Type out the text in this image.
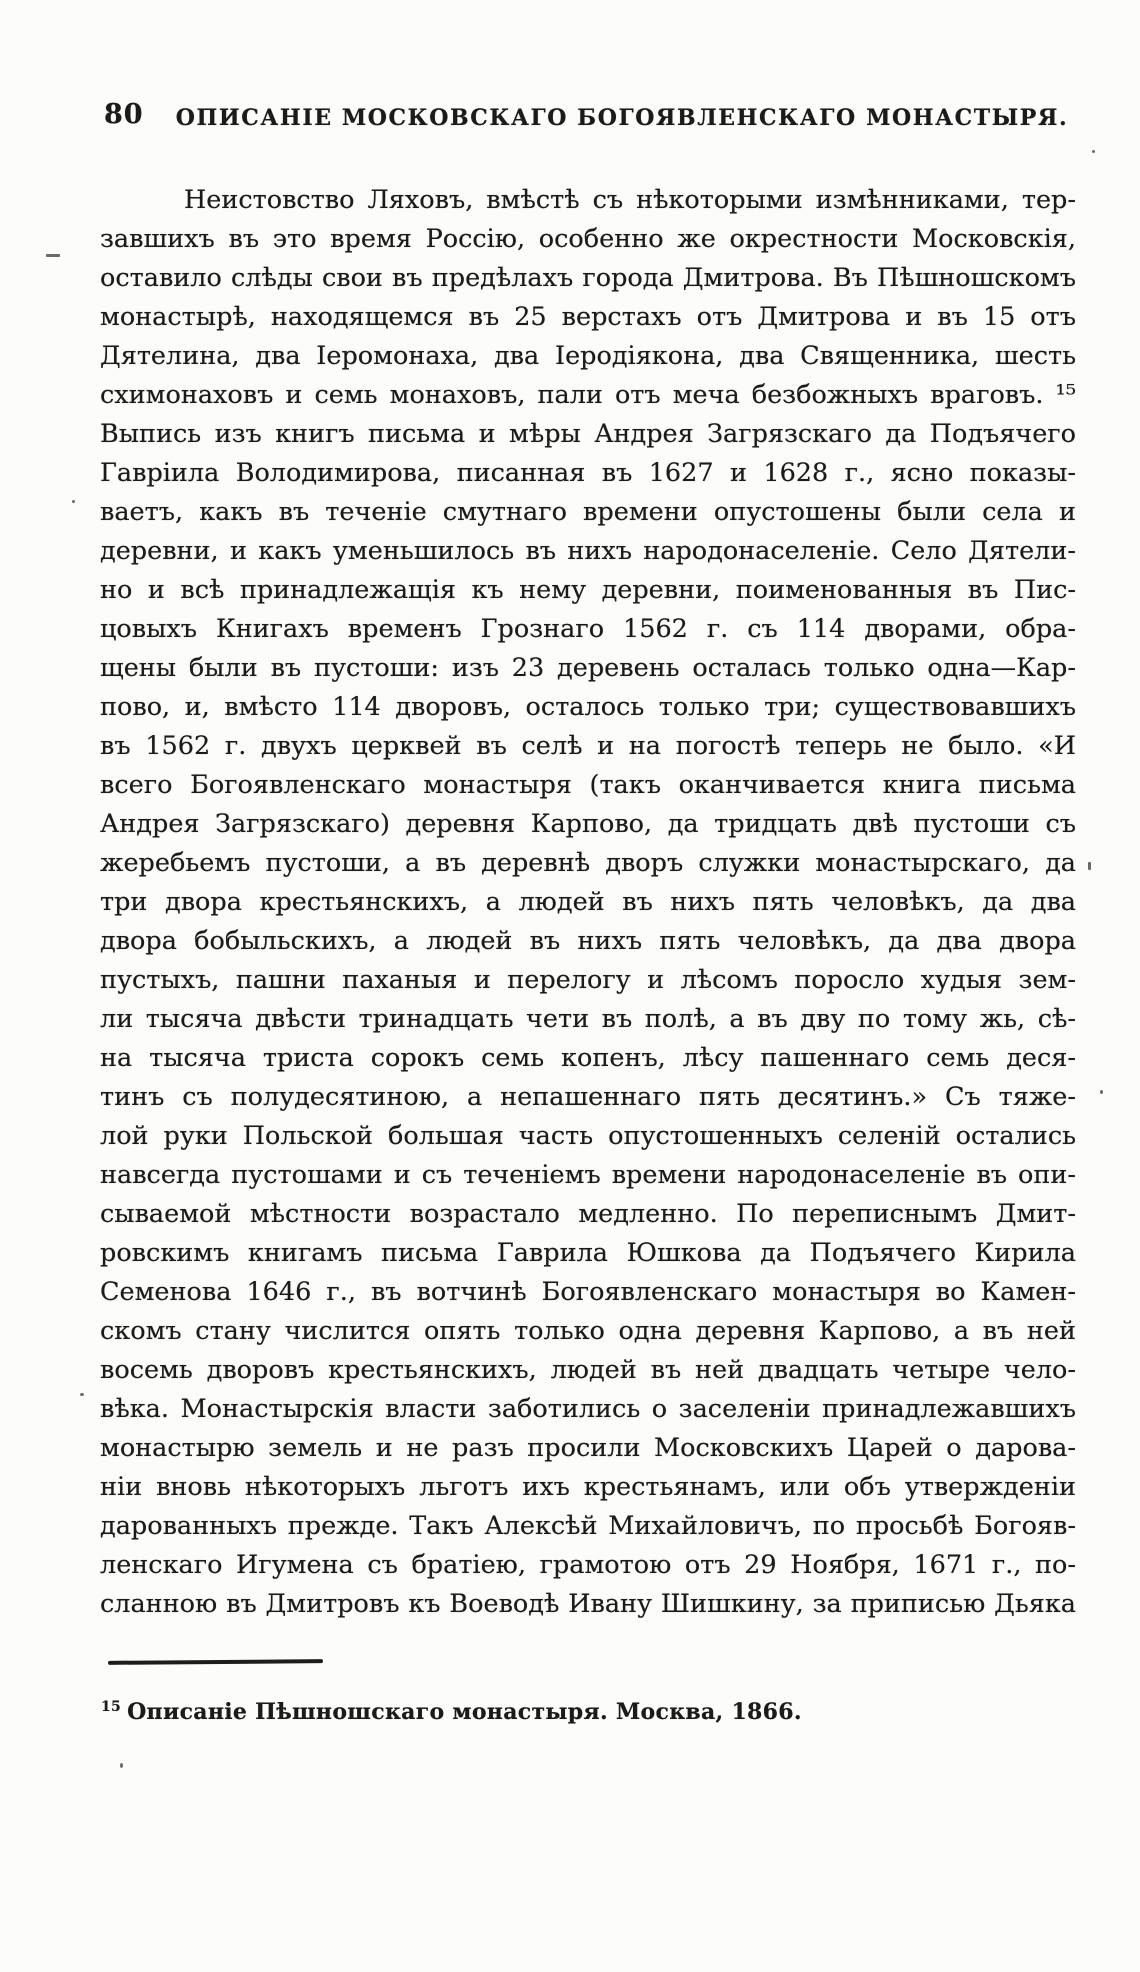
80 ОПИСАНІЕ МОСКОВСКАГО БОГОЯВЛЕНСКАГО МОНАСТЫРЯ.
Неистовство Ляховъ, вмѣстѣ съ нѣкоторыми измѣнниками, тер-
завшихъ въ это время Россію, особенно же окрестности Московскія,
оставило слѣды свои въ предѣлахъ города Дмитрова. Въ Пѣшношскомъ
монастырѣ, находящемся въ 25 верстахъ отъ Дмитрова и въ 15 отъ
Дятелина, два Іеромонаха, два Іеродіякона, два Священника, шесть
схимонаховъ и семь монаховъ, пали отъ меча безбожныхъ враговъ. ¹⁵
Выпись изъ книгъ письма и мѣры Андрея Загрязскаго да Подъячего
Гавріила Володимирова, писанная въ 1627 и 1628 г., ясно показы-
ваетъ, какъ въ теченіе смутнаго времени опустошены были села и
деревни, и какъ уменьшилось въ нихъ народонаселеніе. Село Дятели-
но и всѣ принадлежащія къ нему деревни, поименованныя въ Пис-
цовыхъ Книгахъ временъ Грознаго 1562 г. съ 114 дворами, обра-
щены были въ пустоши: изъ 23 деревень осталась только одна—Кар-
пово, и, вмѣсто 114 дворовъ, осталось только три; существовавшихъ
въ 1562 г. двухъ церквей въ селѣ и на погостѣ теперь не было. «И
всего Богоявленскаго монастыря (такъ оканчивается книга письма
Андрея Загрязскаго) деревня Карпово, да тридцать двѣ пустоши съ
жеребьемъ пустоши, а въ деревнѣ дворъ служки монастырскаго, да
три двора крестьянскихъ, а людей въ нихъ пять человѣкъ, да два
двора бобыльскихъ, а людей въ нихъ пять человѣкъ, да два двора
пустыхъ, пашни паханыя и перелогу и лѣсомъ поросло худыя зем-
ли тысяча двѣсти тринадцать чети въ полѣ, а въ дву по тому жь, сѣ-
на тысяча триста сорокъ семь копенъ, лѣсу пашеннаго семь деся-
тинъ съ полудесятиною, а непашеннаго пять десятинъ.» Съ тяже-
лой руки Польской большая часть опустошенныхъ селеній остались
навсегда пустошами и съ теченіемъ времени народонаселеніе въ опи-
сываемой мѣстности возрастало медленно. По переписнымъ Дмит-
ровскимъ книгамъ письма Гаврила Юшкова да Подъячего Кирила
Семенова 1646 г., въ вотчинѣ Богоявленскаго монастыря во Камен-
скомъ стану числится опять только одна деревня Карпово, а въ ней
восемь дворовъ крестьянскихъ, людей въ ней двадцать четыре чело-
вѣка. Монастырскія власти заботились о заселеніи принадлежавшихъ
монастырю земель и не разъ просили Московскихъ Царей о дарова-
ніи вновь нѣкоторыхъ льготъ ихъ крестьянамъ, или объ утвержденіи
дарованныхъ прежде. Такъ Алексѣй Михайловичъ, по просьбѣ Богояв-
ленскаго Игумена съ братіею, грамотою отъ 29 Ноября, 1671 г., по-
сланною въ Дмитровъ къ Воеводѣ Ивану Шишкину, за приписью Дьяка
$^{15}$ Описаніе Пѣшношскаго монастыря. Москва, 1866.
